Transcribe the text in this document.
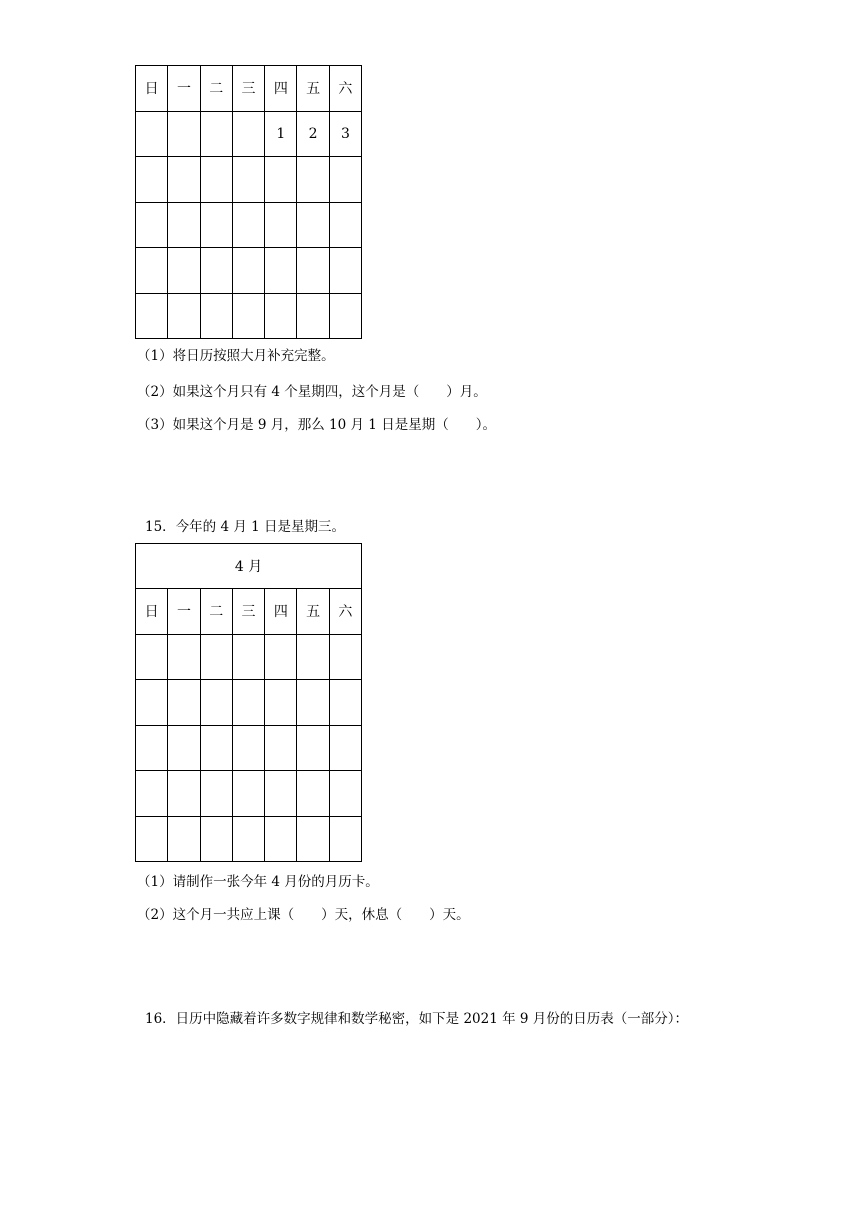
日	一	二	三	四	五	六
				1	2	3

（1）将日历按照大月补充完整。
（2）如果这个月只有 4 个星期四，这个月是（　　）月。
（3）如果这个月是 9 月，那么 10 月 1 日是星期（　　）。
15．今年的 4 月 1 日是星期三。
4 月						
日	一	二	三	四	五	六

（1）请制作一张今年 4 月份的月历卡。
（2）这个月一共应上课（　　）天，休息（　　）天。
16．日历中隐藏着许多数字规律和数学秘密，如下是 2021 年 9 月份的日历表（一部分）：
